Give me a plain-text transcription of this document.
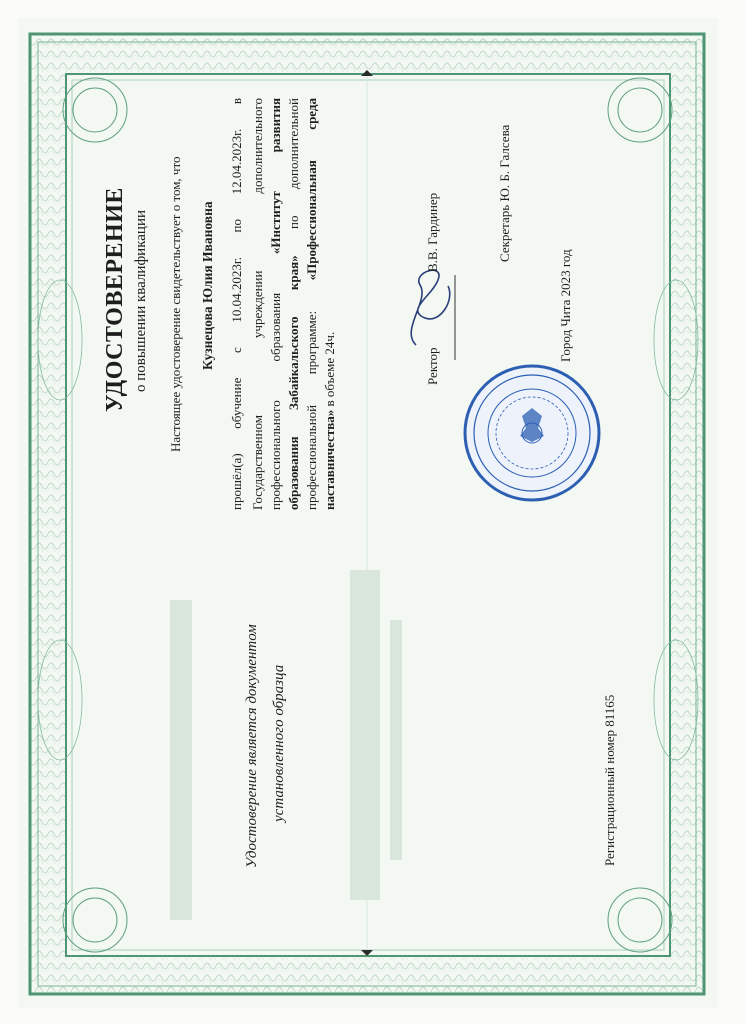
УДОСТОВЕРЕНИЕ о повышении квалификации Настоящее удостоверение свидетельствует о том, что Кузнецова Юлия Ивановна
прошёл(а)
обучение
с
10.04.2023г.
по
12.04.2023г.
в
Государственном
учреждении
дополнительного
профессионального
образования
«Институт
развития
образования
Забайкальского
края»
по
дополнительной
профессиональной
программе:
«Профессиональная
среда
наставничества» в объеме 24ч.	Ректор
В.В. Гардинер	Секретарь Ю. Б. Галсева
Город Чита 2023 год
Удостоверение является документом установленного образца	Регистрационный номер 81165
